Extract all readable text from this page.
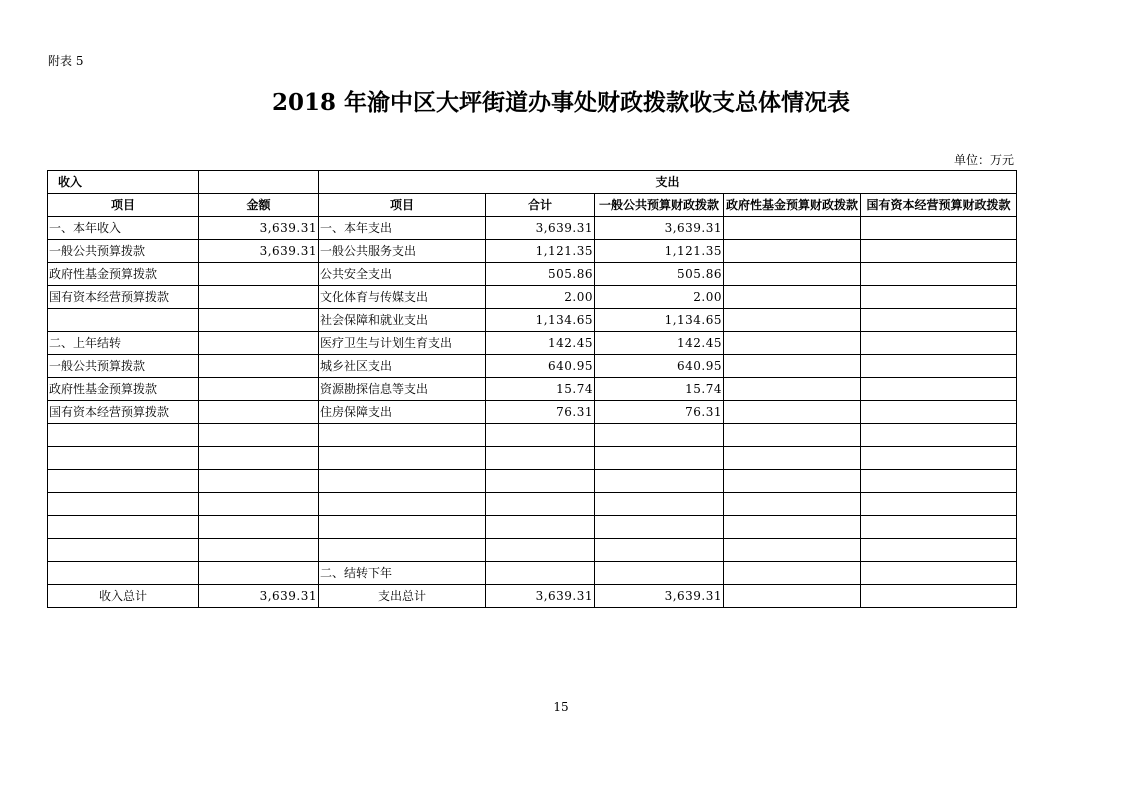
附表 5
2018 年渝中区大坪街道办事处财政拨款收支总体情况表
单位：万元
收入		支出				
项目	金额	项目	合计	一般公共预算财政拨款	政府性基金预算财政拨款	国有资本经营预算财政拨款
一、本年收入	3,639.31	一、本年支出	3,639.31	3,639.31		
一般公共预算拨款	3,639.31	一般公共服务支出	1,121.35	1,121.35		
政府性基金预算拨款		公共安全支出	505.86	505.86		
国有资本经营预算拨款		文化体育与传媒支出	2.00	2.00		
		社会保障和就业支出	1,134.65	1,134.65		
二、上年结转		医疗卫生与计划生育支出	142.45	142.45		
一般公共预算拨款		城乡社区支出	640.95	640.95		
政府性基金预算拨款		资源勘探信息等支出	15.74	15.74		
国有资本经营预算拨款		住房保障支出	76.31	76.31		

		二、结转下年				
收入总计	3,639.31	支出总计	3,639.31	3,639.31		
15
